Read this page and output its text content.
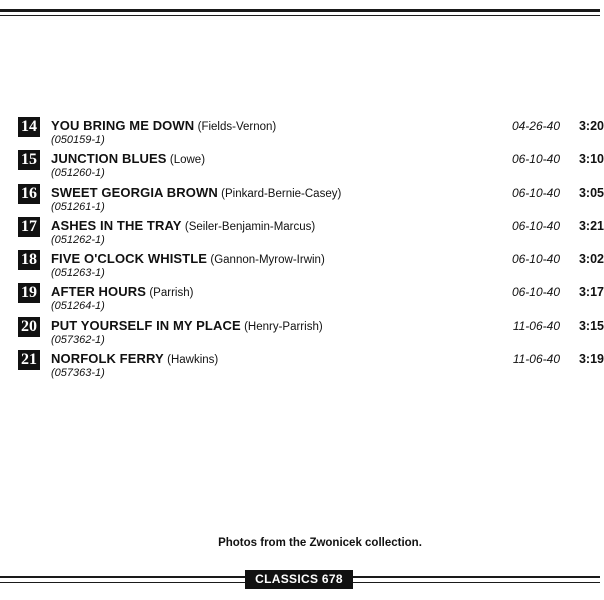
14 YOU BRING ME DOWN (Fields-Vernon)
(050159-1)
04-26-40	3:20
15 JUNCTION BLUES (Lowe)
(051260-1)
06-10-40	3:10
16 SWEET GEORGIA BROWN (Pinkard-Bernie-Casey)
(051261-1)
06-10-40	3:05
17 ASHES IN THE TRAY (Seiler-Benjamin-Marcus)
(051262-1)
06-10-40	3:21
18 FIVE O'CLOCK WHISTLE (Gannon-Myrow-Irwin)
(051263-1)
06-10-40	3:02
19 AFTER HOURS (Parrish)
(051264-1)
06-10-40	3:17
20 PUT YOURSELF IN MY PLACE (Henry-Parrish)
(057362-1)
11-06-40	3:15
21 NORFOLK FERRY (Hawkins)
(057363-1)
11-06-40	3:19
Photos from the Zwonicek collection.
CLASSICS 678
